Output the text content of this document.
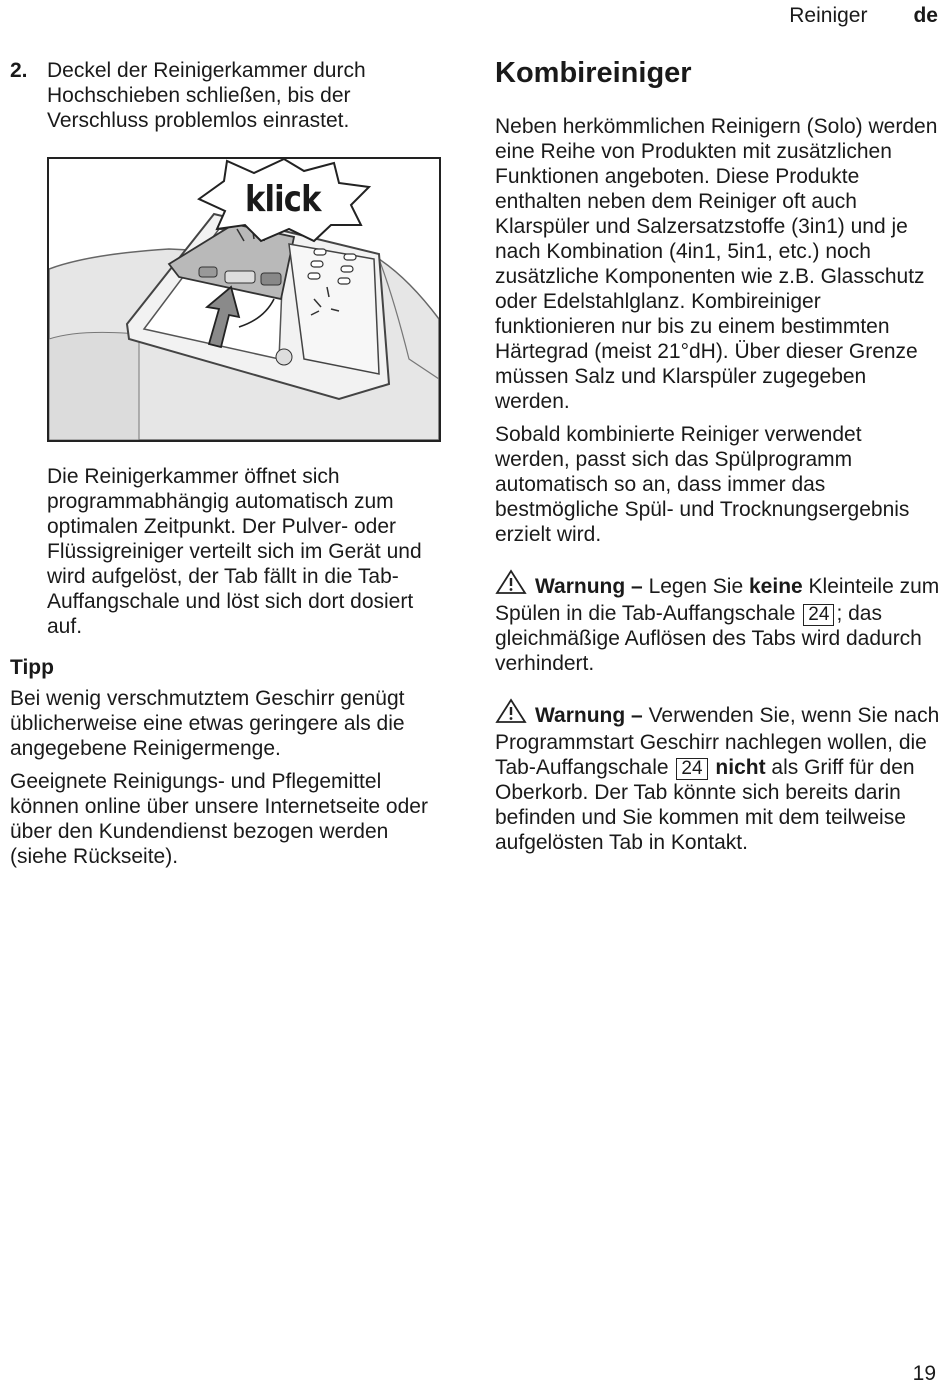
Reiniger de
2. Deckel der Reinigerkammer durch Hochschieben schließen, bis der Verschluss problemlos einrastet.

klick

Die Reinigerkammer öffnet sich programmabhängig automatisch zum optimalen Zeitpunkt. Der Pulver- oder Flüssigreiniger verteilt sich im Gerät und wird aufgelöst, der Tab fällt in die Tab-Auffangschale und löst sich dort dosiert auf.

Tipp

Bei wenig verschmutztem Geschirr genügt üblicherweise eine etwas geringere als die angegebene Reinigermenge.

Geeignete Reinigungs- und Pflegemittel können online über unsere Internetseite oder über den Kundendienst bezogen werden (siehe Rückseite).

Kombireiniger

Neben herkömmlichen Reinigern (Solo) werden eine Reihe von Produkten mit zusätzlichen Funktionen angeboten. Diese Produkte enthalten neben dem Reiniger oft auch Klarspüler und Salzersatzstoffe (3in1) und je nach Kombination (4in1, 5in1, etc.) noch zusätzliche Komponenten wie z.B. Glasschutz oder Edelstahlglanz. Kombireiniger funktionieren nur bis zu einem bestimmten Härtegrad (meist 21°dH). Über dieser Grenze müssen Salz und Klarspüler zugegeben werden.

Sobald kombinierte Reiniger verwendet werden, passt sich das Spülprogramm automatisch so an, dass immer das bestmögliche Spül- und Trocknungsergebnis erzielt wird.

Warnung – Legen Sie keine Kleinteile zum Spülen in die Tab-Auffangschale 24 ; das gleichmäßige Auflösen des Tabs wird dadurch verhindert.

Warnung – Verwenden Sie, wenn Sie nach Programmstart Geschirr nachlegen wollen, die Tab-Auffangschale 24 nicht als Griff für den Oberkorb. Der Tab könnte sich bereits darin befinden und Sie kommen mit dem teilweise aufgelösten Tab in Kontakt.

19
